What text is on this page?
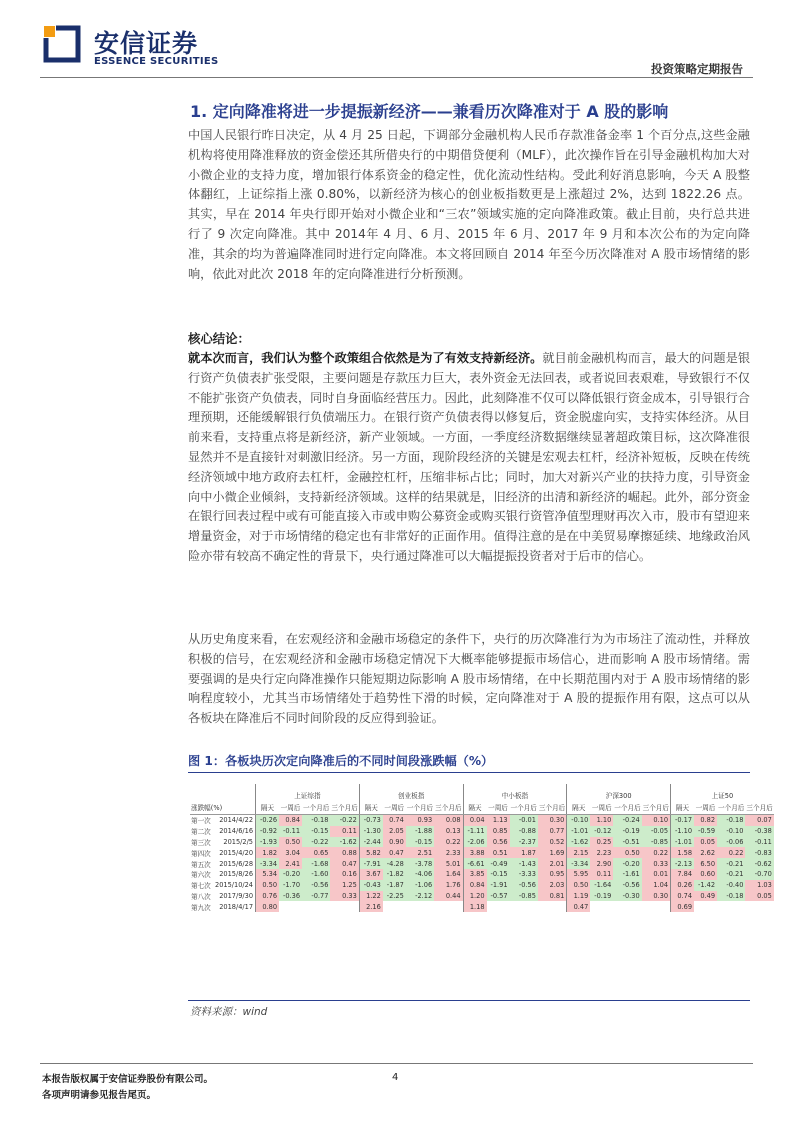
安信证券
ESSENCE SECURITIES
投资策略定期报告
1. 定向降准将进一步提振新经济——兼看历次降准对于 A 股的影响

中国人民银行昨日决定，从 4 月 25 日起，下调部分金融机构人民币存款准备金率 1 个百分点,这些金融机构将使用降准释放的资金偿还其所借央行的中期借贷便利（MLF），此次操作旨在引导金融机构加大对小微企业的支持力度，增加银行体系资金的稳定性，优化流动性结构。受此利好消息影响，今天 A 股整体翻红，上证综指上涨 0.80%，以新经济为核心的创业板指数更是上涨超过 2%，达到 1822.26 点。其实，早在 2014 年央行即开始对小微企业和“三农”领域实施的定向降准政策。截止目前，央行总共进行了 9 次定向降准。其中 2014年 4 月、6 月、2015 年 6 月、2017 年 9 月和本次公布的为定向降准，其余的均为普遍降准同时进行定向降准。本文将回顾自 2014 年至今历次降准对 A 股市场情绪的影响，依此对此次 2018 年的定向降准进行分析预测。

核心结论：

就本次而言，我们认为整个政策组合依然是为了有效支持新经济。就目前金融机构而言，最大的问题是银行资产负债表扩张受限，主要问题是存款压力巨大，表外资金无法回表，或者说回表艰难，导致银行不仅不能扩张资产负债表，同时自身面临经营压力。因此，此刻降准不仅可以降低银行资金成本，引导银行合理预期，还能缓解银行负债端压力。在银行资产负债表得以修复后，资金脱虚向实，支持实体经济。从目前来看，支持重点将是新经济，新产业领域。一方面，一季度经济数据继续显著超政策目标，这次降准很显然并不是直接针对刺激旧经济。另一方面，现阶段经济的关键是宏观去杠杆，经济补短板，反映在传统经济领域中地方政府去杠杆，金融控杠杆，压缩非标占比；同时，加大对新兴产业的扶持力度，引导资金向中小微企业倾斜，支持新经济领域。这样的结果就是，旧经济的出清和新经济的崛起。此外，部分资金在银行回表过程中或有可能直接入市或申购公募资金或购买银行资管净值型理财再次入市，股市有望迎来增量资金，对于市场情绪的稳定也有非常好的正面作用。值得注意的是在中美贸易摩擦延续、地缘政治风险亦带有较高不确定性的背景下，央行通过降准可以大幅提振投资者对于后市的信心。

从历史角度来看，在宏观经济和金融市场稳定的条件下，央行的历次降准行为为市场注了流动性，并释放积极的信号，在宏观经济和金融市场稳定情况下大概率能够提振市场信心，进而影响 A 股市场情绪。需要强调的是央行定向降准操作只能短期边际影响 A 股市场情绪，在中长期范围内对于 A 股市场情绪的影响程度较小，尤其当市场情绪处于趋势性下滑的时候，定向降准对于 A 股的提振作用有限，这点可以从各板块在降准后不同时间阶段的反应得到验证。

图 1：各板块历次定向降准后的不同时间段涨跌幅（%）
		上证综指				创业板指				中小板指				沪深300				上证50			
涨跌幅(%)		隔天	一周后	一个月后	三个月后	隔天	一周后	一个月后	三个月后	隔天	一周后	一个月后	三个月后	隔天	一周后	一个月后	三个月后	隔天	一周后	一个月后	三个月后
第一次	2014/4/22	-0.26	0.84	-0.18	-0.22	-0.73	0.74	0.93	0.08	0.04	1.13	-0.01	0.30	-0.10	1.10	-0.24	0.10	-0.17	0.82	-0.18	0.07
第二次	2014/6/16	-0.92	-0.11	-0.15	0.11	-1.30	2.05	-1.88	0.13	-1.11	0.85	-0.88	0.77	-1.01	-0.12	-0.19	-0.05	-1.10	-0.59	-0.10	-0.38
第三次	2015/2/5	-1.93	0.50	-0.22	-1.62	-2.44	0.90	-0.15	0.22	-2.06	0.56	-2.37	0.52	-1.62	0.25	-0.51	-0.85	-1.01	0.05	-0.06	-0.11
第四次	2015/4/20	1.82	3.04	0.65	0.88	5.82	0.47	2.51	2.33	3.88	0.51	1.87	1.69	2.15	2.23	0.50	0.22	1.58	2.62	0.22	-0.83
第五次	2015/6/28	-3.34	2.41	-1.68	0.47	-7.91	-4.28	-3.78	5.01	-6.61	-0.49	-1.43	2.01	-3.34	2.90	-0.20	0.33	-2.13	6.50	-0.21	-0.62
第六次	2015/8/26	5.34	-0.20	-1.60	0.16	3.67	-1.82	-4.06	1.64	3.85	-0.15	-3.33	0.95	5.95	0.11	-1.61	0.01	7.84	0.60	-0.21	-0.70
第七次	2015/10/24	0.50	-1.70	-0.56	1.25	-0.43	-1.87	-1.06	1.76	0.84	-1.91	-0.56	2.03	0.50	-1.64	-0.56	1.04	0.26	-1.42	-0.40	1.03
第八次	2017/9/30	0.76	-0.36	-0.77	0.33	1.22	-2.25	-2.12	0.44	1.20	-0.57	-0.85	0.81	1.19	-0.19	-0.30	0.30	0.74	0.49	-0.18	0.05
第九次	2018/4/17	0.80				2.16				1.18				0.47				0.69			
资料来源：wind
本报告版权属于安信证券股份有限公司。
各项声明请参见报告尾页。
4
